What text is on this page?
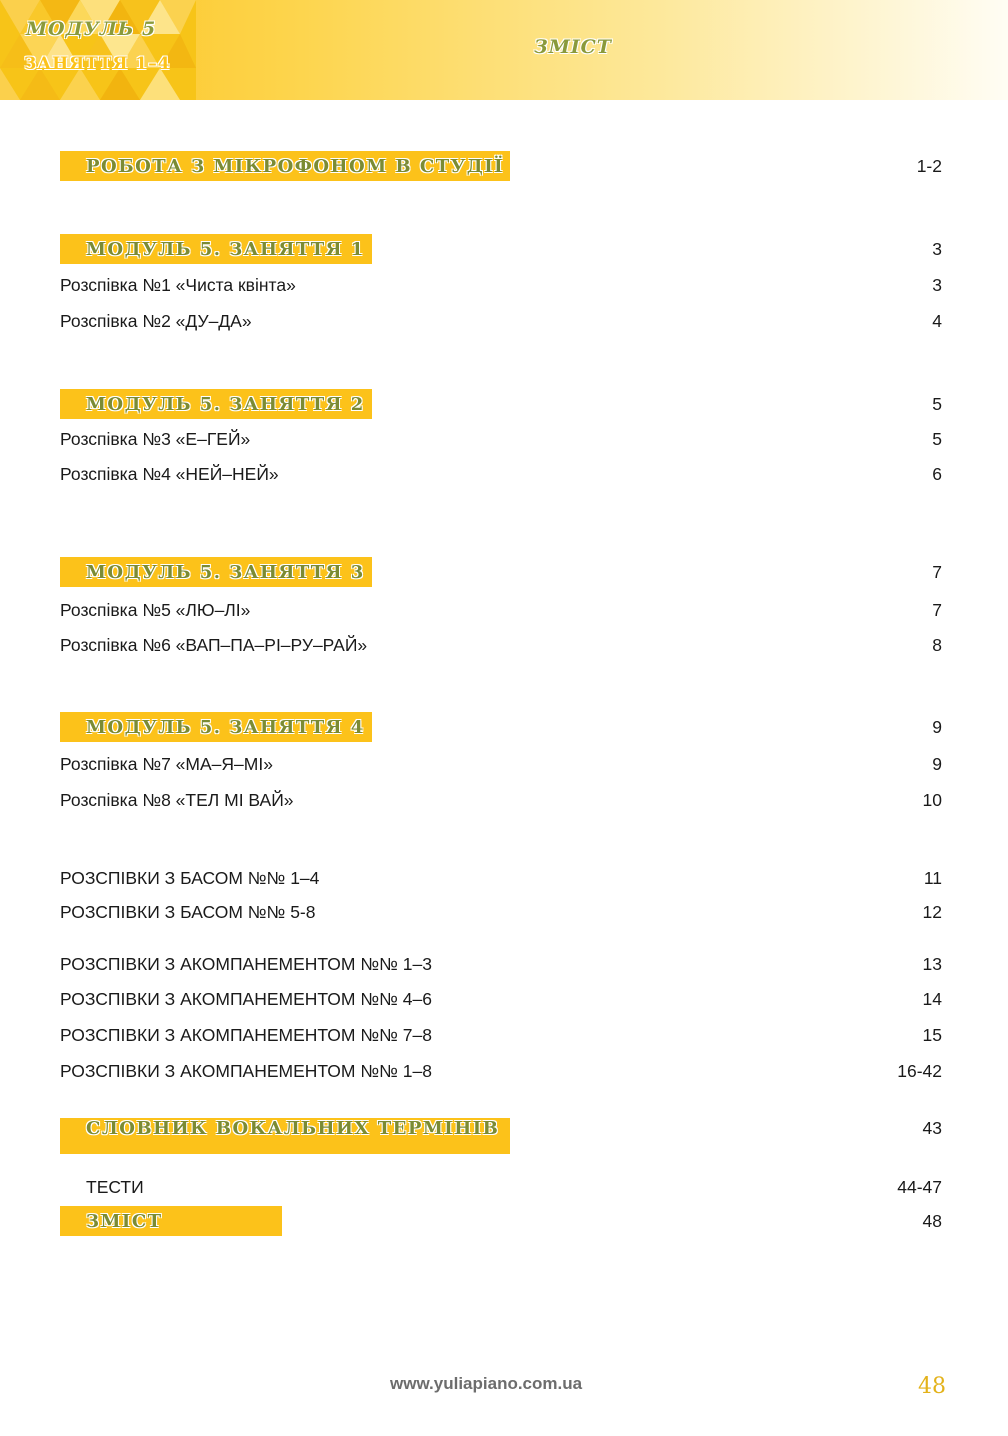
МОДУЛЬ 5
ЗАНЯТТЯ 1–4
ЗМІСТ
РОБОТА З МІКРОФОНОМ В СТУДІЇ	1-2
МОДУЛЬ 5. ЗАНЯТТЯ 1	3
Розспівка №1 «Чиста квінта»	3
Розспівка №2 «ДУ–ДА»	4
МОДУЛЬ 5. ЗАНЯТТЯ 2	5
Розспівка №3 «Е–ГЕЙ»	5
Розспівка №4 «НЕЙ–НЕЙ»	6
МОДУЛЬ 5. ЗАНЯТТЯ 3	7
Розспівка №5 «ЛЮ–ЛІ»	7
Розспівка №6 «ВАП–ПА–РІ–РУ–РАЙ»	8
МОДУЛЬ 5. ЗАНЯТТЯ 4	9
Розспівка №7 «МА–Я–МІ»	9
Розспівка №8 «ТЕЛ МІ ВАЙ»	10
РОЗСПІВКИ З БАСОМ №№ 1–4	11
РОЗСПІВКИ З БАСОМ №№ 5-8	12
РОЗСПІВКИ З АКОМПАНЕМЕНТОМ №№ 1–3	13
РОЗСПІВКИ З АКОМПАНЕМЕНТОМ №№ 4–6	14
РОЗСПІВКИ З АКОМПАНЕМЕНТОМ №№ 7–8	15
РОЗСПІВКИ З АКОМПАНЕМЕНТОМ №№ 1–8	16-42
СЛОВНИК ВОКАЛЬНИХ ТЕРМІНІВ	43
ТЕСТИ	44-47
ЗМІСТ	48
www.yuliapiano.com.ua	48
